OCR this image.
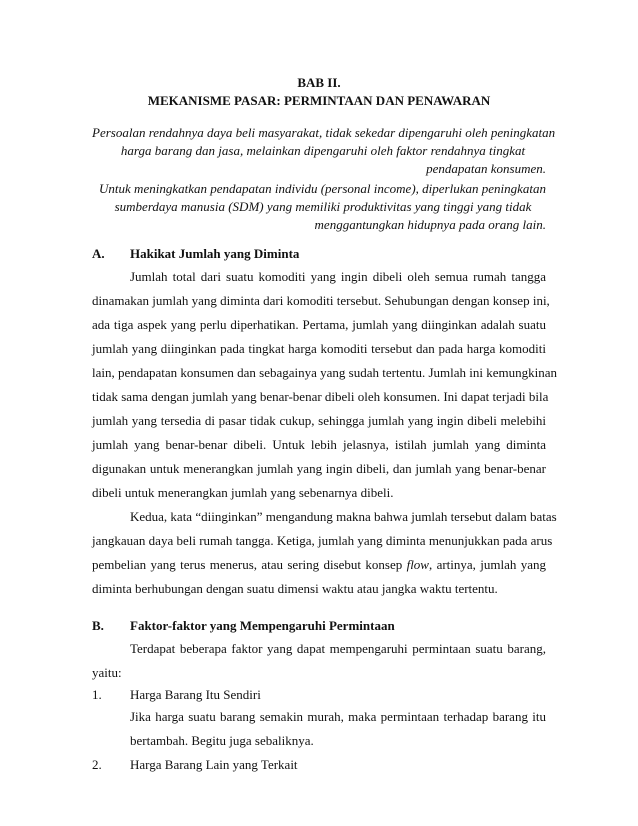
BAB II.
MEKANISME PASAR: PERMINTAAN DAN PENAWARAN
Persoalan rendahnya daya beli masyarakat, tidak sekedar dipengaruhi oleh peningkatan
harga barang dan jasa, melainkan dipengaruhi oleh faktor rendahnya tingkat
pendapatan konsumen.
Untuk meningkatkan pendapatan individu (personal income), diperlukan peningkatan
sumberdaya manusia (SDM) yang memiliki produktivitas yang tinggi yang tidak
menggantungkan hidupnya pada orang lain.
A. Hakikat Jumlah yang Diminta
Jumlah total dari suatu komoditi yang ingin dibeli oleh semua rumah tangga
dinamakan jumlah yang diminta dari komoditi tersebut. Sehubungan dengan konsep ini,
ada tiga aspek yang perlu diperhatikan. Pertama, jumlah yang diinginkan adalah suatu
jumlah yang diinginkan pada tingkat harga komoditi tersebut dan pada harga komoditi
lain, pendapatan konsumen dan sebagainya yang sudah tertentu. Jumlah ini kemungkinan
tidak sama dengan jumlah yang benar-benar dibeli oleh konsumen. Ini dapat terjadi bila
jumlah yang tersedia di pasar tidak cukup, sehingga jumlah yang ingin dibeli melebihi
jumlah yang benar-benar dibeli. Untuk lebih jelasnya, istilah jumlah yang diminta
digunakan untuk menerangkan jumlah yang ingin dibeli, dan jumlah yang benar-benar
dibeli untuk menerangkan jumlah yang sebenarnya dibeli.
Kedua, kata “diinginkan” mengandung makna bahwa jumlah tersebut dalam batas
jangkauan daya beli rumah tangga. Ketiga, jumlah yang diminta menunjukkan pada arus
pembelian yang terus menerus, atau sering disebut konsep flow, artinya, jumlah yang
diminta berhubungan dengan suatu dimensi waktu atau jangka waktu tertentu.
B. Faktor-faktor yang Mempengaruhi Permintaan
Terdapat beberapa faktor yang dapat mempengaruhi permintaan suatu barang,
yaitu:
1. Harga Barang Itu Sendiri
Jika harga suatu barang semakin murah, maka permintaan terhadap barang itu
bertambah. Begitu juga sebaliknya.
2. Harga Barang Lain yang Terkait
